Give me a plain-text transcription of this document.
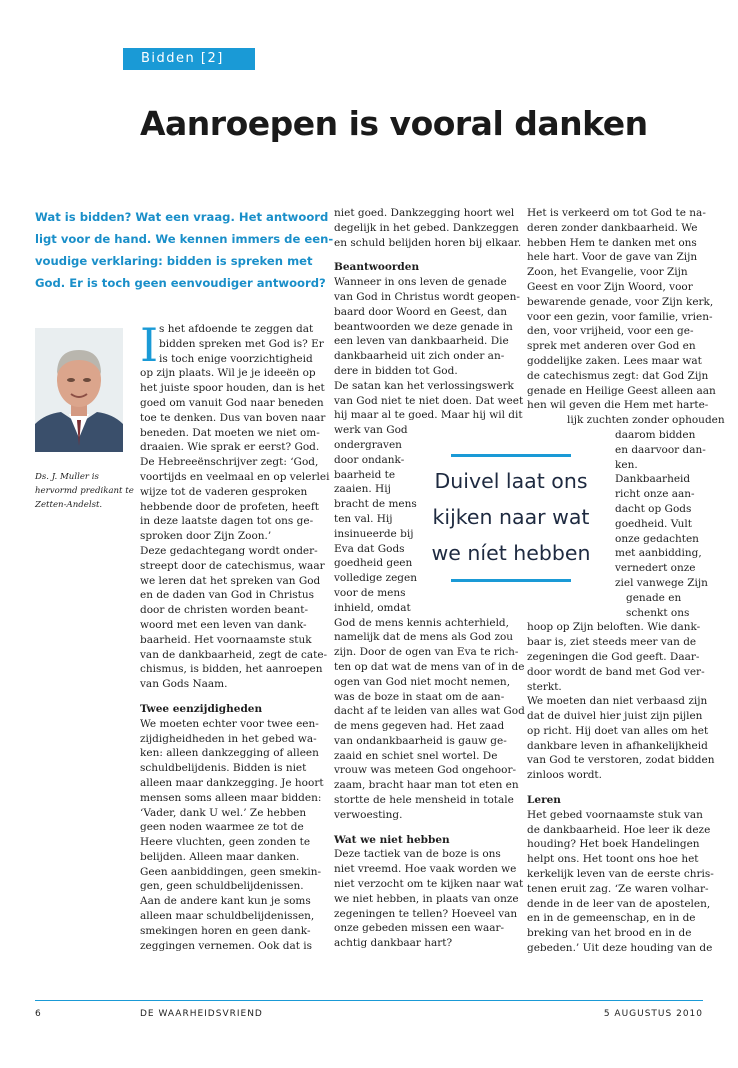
Bidden [2]
Aanroepen is vooral danken
Wat is bidden? Wat een vraag. Het antwoord
ligt voor de hand. We kennen immers de een-
voudige verklaring: bidden is spreken met
God. Er is toch geen eenvoudiger antwoord?
Ds. J. Muller is
hervormd predikant te
Zetten-Andelst.
I s het afdoende te zeggen dat
bidden spreken met God is? Er
is toch enige voorzichtigheid
op zijn plaats. Wil je je ideeën op
het juiste spoor houden, dan is het
goed om vanuit God naar beneden
toe te denken. Dus van boven naar
beneden. Dat moeten we niet om-
draaien. Wie sprak er eerst? God.
De Hebreeënschrijver zegt: ‘God,
voortijds en veelmaal en op velerlei
wijze tot de vaderen gesproken
hebbende door de profeten, heeft
in deze laatste dagen tot ons ge-
sproken door Zijn Zoon.’
Deze gedachtegang wordt onder-
streept door de catechismus, waar
we leren dat het spreken van God
en de daden van God in Christus
door de christen worden beant-
woord met een leven van dank-
baarheid. Het voornaamste stuk
van de dankbaarheid, zegt de cate-
chismus, is bidden, het aanroepen
van Gods Naam.
Twee eenzijdigheden
We moeten echter voor twee een-
zijdigheidheden in het gebed wa-
ken: alleen dankzegging of alleen
schuldbelijdenis. Bidden is niet
alleen maar dankzegging. Je hoort
mensen soms alleen maar bidden:
‘Vader, dank U wel.’ Ze hebben
geen noden waarmee ze tot de
Heere vluchten, geen zonden te
belijden. Alleen maar danken.
Geen aanbiddingen, geen smekin-
gen, geen schuldbelijdenissen.
Aan de andere kant kun je soms
alleen maar schuldbelijdenissen,
smekingen horen en geen dank-
zeggingen vernemen. Ook dat is
niet goed. Dankzegging hoort wel
degelijk in het gebed. Dankzeggen
en schuld belijden horen bij elkaar.
Beantwoorden
Wanneer in ons leven de genade
van God in Christus wordt geopen-
baard door Woord en Geest, dan
beantwoorden we deze genade in
een leven van dankbaarheid. Die
dankbaarheid uit zich onder an-
dere in bidden tot God.
De satan kan het verlossingswerk
van God niet te niet doen. Dat weet
hij maar al te goed. Maar hij wil dit
werk van God
ondergraven
door ondank-
baarheid te
zaaien. Hij
bracht de mens
ten val. Hij
insinueerde bij
Eva dat Gods
goedheid geen
volledige zegen
voor de mens
inhield, omdat
God de mens kennis achterhield,
namelijk dat de mens als God zou
zijn. Door de ogen van Eva te rich-
ten op dat wat de mens van of in de
ogen van God niet mocht nemen,
was de boze in staat om de aan-
dacht af te leiden van alles wat God
de mens gegeven had. Het zaad
van ondankbaarheid is gauw ge-
zaaid en schiet snel wortel. De
vrouw was meteen God ongehoor-
zaam, bracht haar man tot eten en
stortte de hele mensheid in totale
verwoesting.
Wat we niet hebben
Deze tactiek van de boze is ons
niet vreemd. Hoe vaak worden we
niet verzocht om te kijken naar wat
we niet hebben, in plaats van onze
zegeningen te tellen? Hoeveel van
onze gebeden missen een waar-
achtig dankbaar hart?
Het is verkeerd om tot God te na-
deren zonder dankbaarheid. We
hebben Hem te danken met ons
hele hart. Voor de gave van Zijn
Zoon, het Evangelie, voor Zijn
Geest en voor Zijn Woord, voor
bewarende genade, voor Zijn kerk,
voor een gezin, voor familie, vrien-
den, voor vrijheid, voor een ge-
sprek met anderen over God en
goddelijke zaken. Lees maar wat
de catechismus zegt: dat God Zijn
genade en Heilige Geest alleen aan
hen wil geven die Hem met harte-
lijk zuchten zonder ophouden
daarom bidden
en daarvoor dan-
ken.
Dankbaarheid
richt onze aan-
dacht op Gods
goedheid. Vult
onze gedachten
met aanbidding,
vernedert onze
ziel vanwege Zijn
genade en
schenkt ons
hoop op Zijn beloften. Wie dank-
baar is, ziet steeds meer van de
zegeningen die God geeft. Daar-
door wordt de band met God ver-
sterkt.
We moeten dan niet verbaasd zijn
dat de duivel hier juist zijn pijlen
op richt. Hij doet van alles om het
dankbare leven in afhankelijkheid
van God te verstoren, zodat bidden
zinloos wordt.
Leren
Het gebed voornaamste stuk van
de dankbaarheid. Hoe leer ik deze
houding? Het boek Handelingen
helpt ons. Het toont ons hoe het
kerkelijk leven van de eerste chris-
tenen eruit zag. ‘Ze waren volhar-
dende in de leer van de apostelen,
en in de gemeenschap, en in de
breking van het brood en in de
gebeden.’ Uit deze houding van de
Duivel laat ons
kijken naar wat
we níet hebben
6	DE WAARHEIDSVRIEND	5 AUGUSTUS 2010
